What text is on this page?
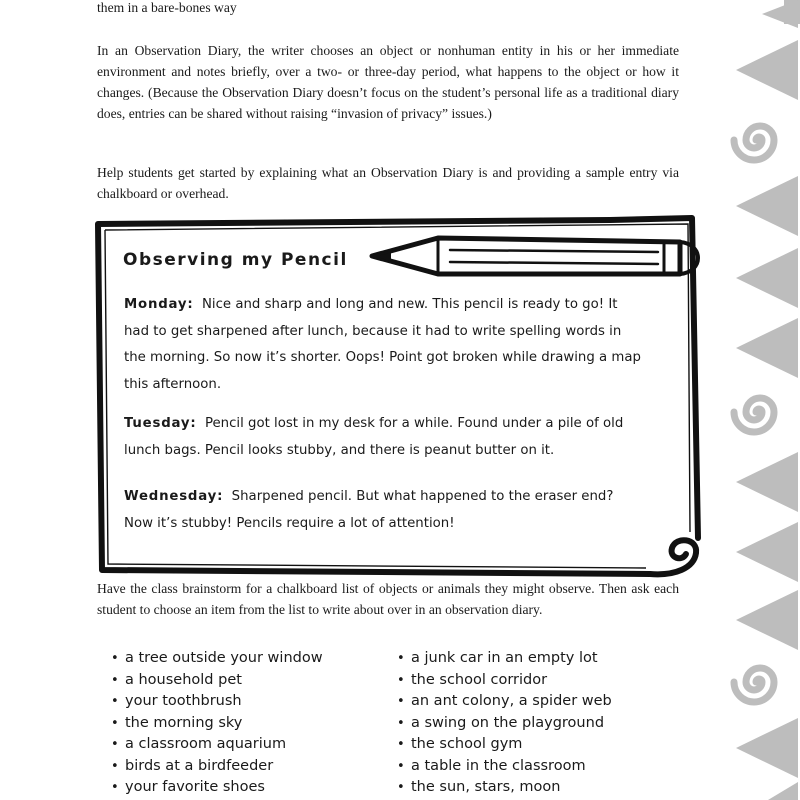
them in a bare-bones way

In an Observation Diary, the writer chooses an object or nonhuman entity in his or her immediate environment and notes briefly, over a two- or three-day period, what happens to the object or how it changes. (Because the Observation Diary doesn’t focus on the student’s personal life as a traditional diary does, entries can be shared without raising “invasion of privacy” issues.)

Help students get started by explaining what an Observation Diary is and providing a sample entry via chalkboard or overhead.

Observing my Pencil

Monday: Nice and sharp and long and new. This pencil is ready to go! It had to get sharpened after lunch, because it had to write spelling words in the morning. So now it’s shorter. Oops! Point got broken while drawing a map this afternoon.

Tuesday: Pencil got lost in my desk for a while. Found under a pile of old lunch bags. Pencil looks stubby, and there is peanut butter on it.

Wednesday: Sharpened pencil. But what happened to the eraser end? Now it’s stubby! Pencils require a lot of attention!

Have the class brainstorm for a chalkboard list of objects or animals they might observe. Then ask each student to choose an item from the list to write about over in an observation diary.

• a tree outside your window
• a household pet
• your toothbrush
• the morning sky
• a classroom aquarium
• birds at a birdfeeder
• your favorite shoes
• a junk car in an empty lot
• the school corridor
• an ant colony, a spider web
• a swing on the playground
• the school gym
• a table in the classroom
• the sun, stars, moon
